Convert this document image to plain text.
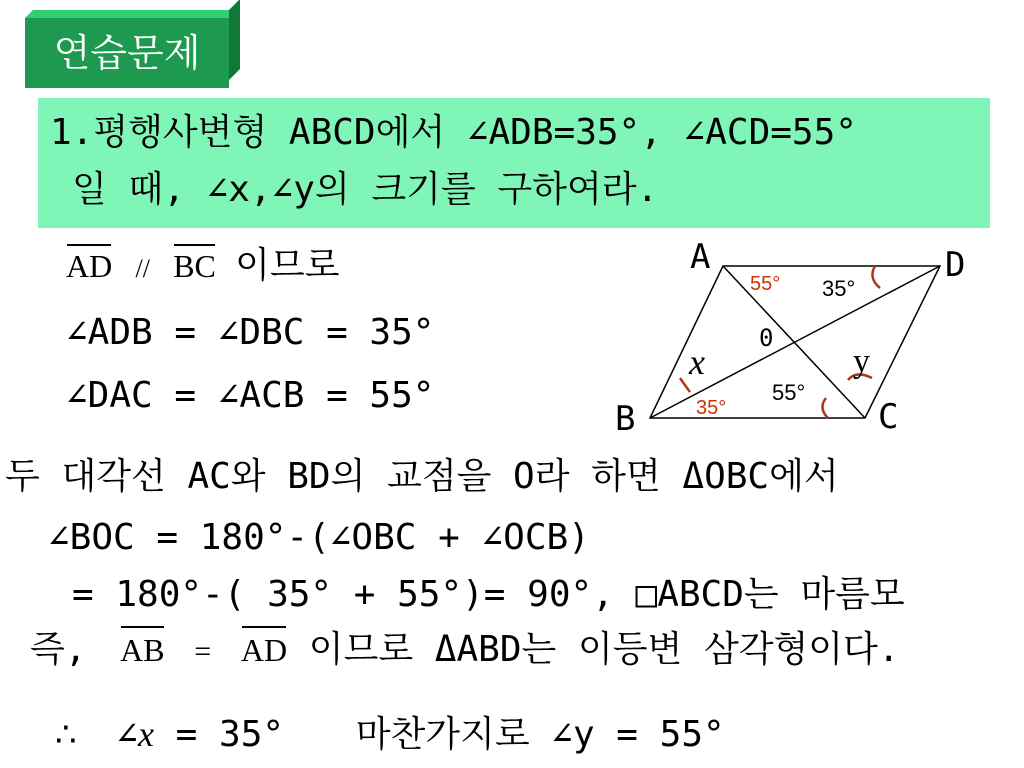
연습문제
1.평행사변형 ABCD에서 ∠ADB=35°, ∠ACD=55°
일 때, ∠x,∠y의 크기를 구하여라.
AD // BC 이므로
∠ADB = ∠DBC = 35°
∠DAC = ∠ACB = 55°
두 대각선 AC와 BD의 교점을 O라 하면 ΔOBC에서
∠BOC = 180°-(∠OBC + ∠OCB)
= 180°-( 35° + 55°)= 90°, □ABCD는 마름모
즉, AB = AD 이므로 ΔABD는 이등변 삼각형이다.
∴ ∠x = 35° 마찬가지로 ∠y = 55°
A	D
B	C
0
x	y
55° 35°
55°
35°
